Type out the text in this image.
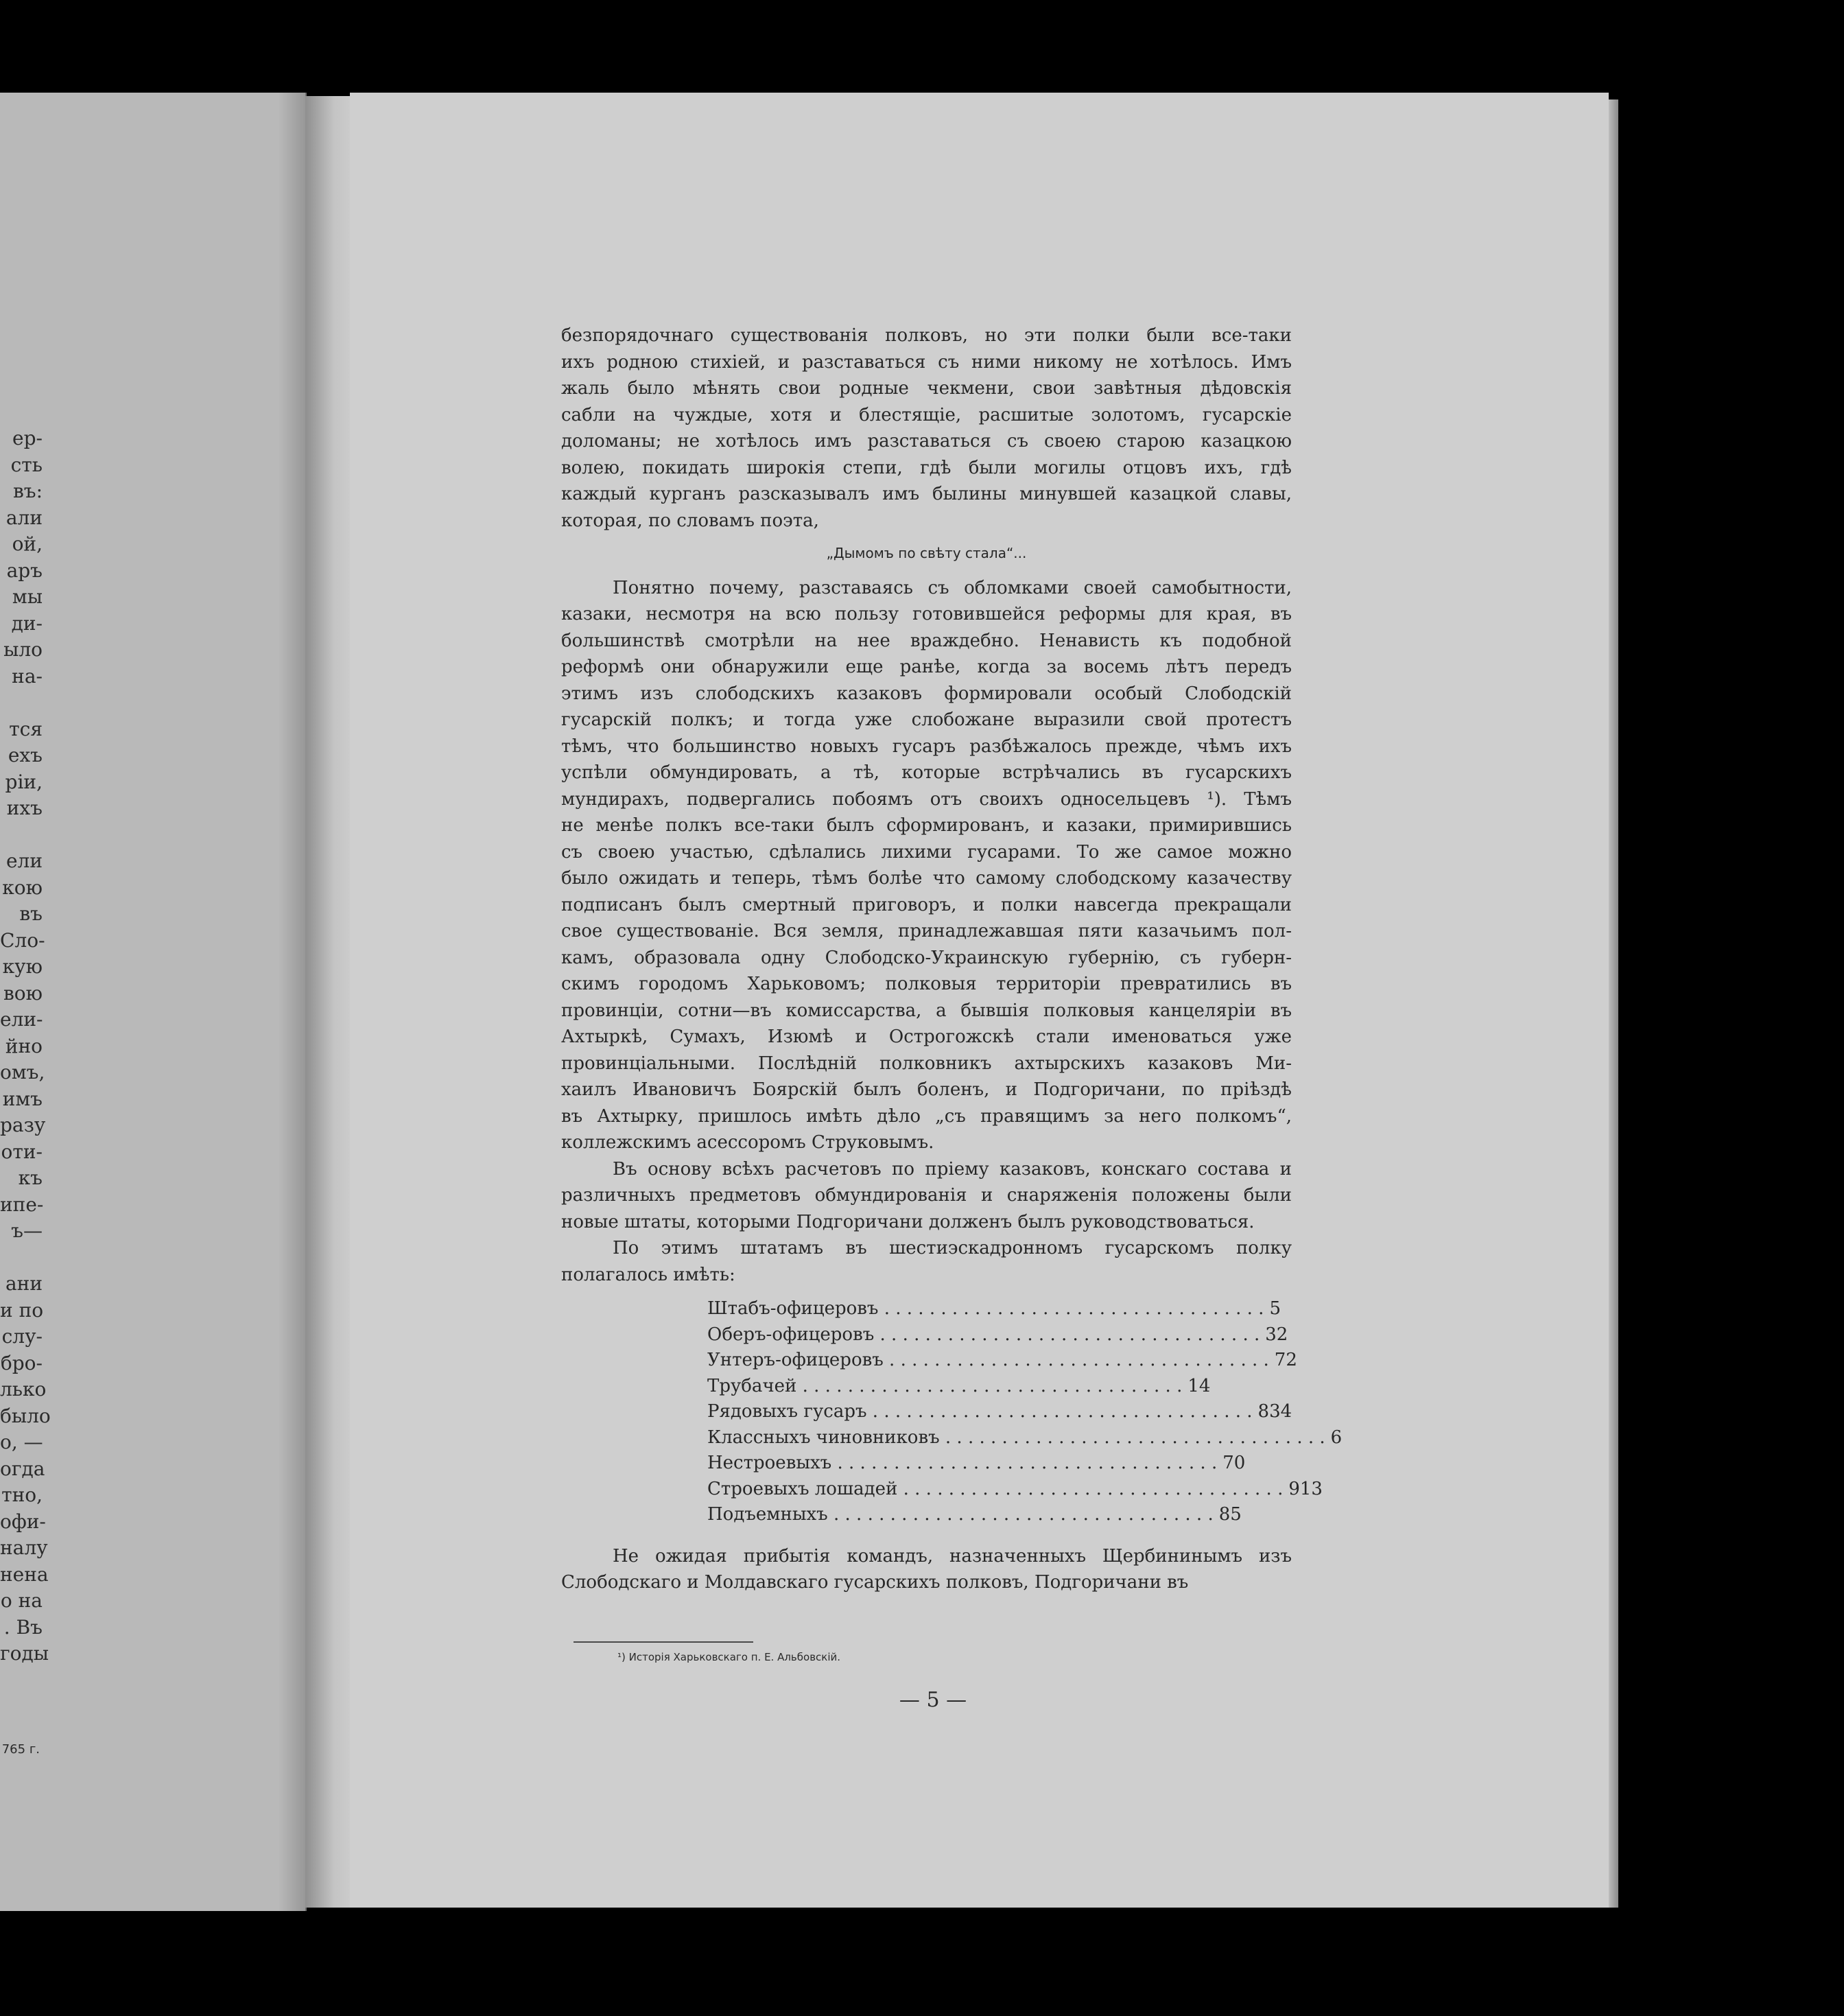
ер-
сть
въ:
али
ой,
аръ
мы
ди-
ыло
на-
тся
ехъ
рiи,
ихъ
ели
кою
въ
Сло-
кую
вою
ели-
йно
омъ,
имъ
разу
оти-
къ
ипе-
ъ—
ани
и по
слу-
бро-
лько
было
о, —
огда
тно,
офи-
налу
нена
о на
. Въ
годы
765 г.
безпорядочнаго существованiя полковъ, но эти полки были все-таки
ихъ родною стихiей, и разставаться съ ними никому не хотѣлось. Имъ
жаль было мѣнять свои родные чекмени, свои завѣтныя дѣдовскiя
сабли на чуждые, хотя и блестящiе, расшитые золотомъ, гусарскiе
доломаны; не хотѣлось имъ разставаться съ своею старою казацкою
волею, покидать широкiя степи, гдѣ были могилы отцовъ ихъ, гдѣ
каждый курганъ разсказывалъ имъ былины минувшей казацкой славы,
которая, по словамъ поэта,
„Дымомъ по свѣту стала“...
Понятно почему, разставаясь съ обломками своей самобытности,
казаки, несмотря на всю пользу готовившейся реформы для края, въ
большинствѣ смотрѣли на нее враждебно. Ненависть къ подобной
реформѣ они обнаружили еще ранѣе, когда за восемь лѣтъ передъ
этимъ изъ слободскихъ казаковъ формировали особый Слободскiй
гусарскiй полкъ; и тогда уже слобожане выразили свой протестъ
тѣмъ, что большинство новыхъ гусаръ разбѣжалось прежде, чѣмъ ихъ
успѣли обмундировать, а тѣ, которые встрѣчались въ гусарскихъ
мундирахъ, подвергались побоямъ отъ своихъ односельцевъ ¹). Тѣмъ
не менѣе полкъ все-таки былъ сформированъ, и казаки, примирившись
съ своею участью, сдѣлались лихими гусарами. То же самое можно
было ожидать и теперь, тѣмъ болѣе что самому слободскому казачеству
подписанъ былъ смертный приговоръ, и полки навсегда прекращали
свое существованiе. Вся земля, принадлежавшая пяти казачьимъ пол-
камъ, образовала одну Слободско-Украинскую губернiю, съ губерн-
скимъ городомъ Харьковомъ; полковыя территорiи превратились въ
провинцiи, сотни—въ комиссарства, а бывшiя полковыя канцелярiи въ
Ахтыркѣ, Сумахъ, Изюмѣ и Острогожскѣ стали именоваться уже
провинцiальными. Послѣднiй полковникъ ахтырскихъ казаковъ Ми-
хаилъ Ивановичъ Боярскiй былъ боленъ, и Подгоричани, по прiѣздѣ
въ Ахтырку, пришлось имѣть дѣло „съ правящимъ за него полкомъ“,
коллежскимъ асессоромъ Струковымъ.
Въ основу всѣхъ расчетовъ по прiему казаковъ, конскаго состава и
различныхъ предметовъ обмундированiя и снаряженiя положены были
новые штаты, которыми Подгоричани долженъ былъ руководствоваться.
По этимъ штатамъ въ шестиэскадронномъ гусарскомъ полку
полагалось имѣть:
Штабъ-офицеровъ . . .	5
Оберъ-офицеровъ . . .	32
Унтеръ-офицеровъ . . .	72
Трубачей . . .	14
Рядовыхъ гусаръ . . .	834
Классныхъ чиновниковъ . . .	6
Нестроевыхъ . . .	70
Строевыхъ лошадей . . .	913
Подъемныхъ . . .	85
Не ожидая прибытiя командъ, назначенныхъ Щербининымъ изъ
Слободскаго и Молдавскаго гусарскихъ полковъ, Подгоричани въ
¹) Исторiя Харьковскаго п. Е. Альбовскiй.
— 5 —
